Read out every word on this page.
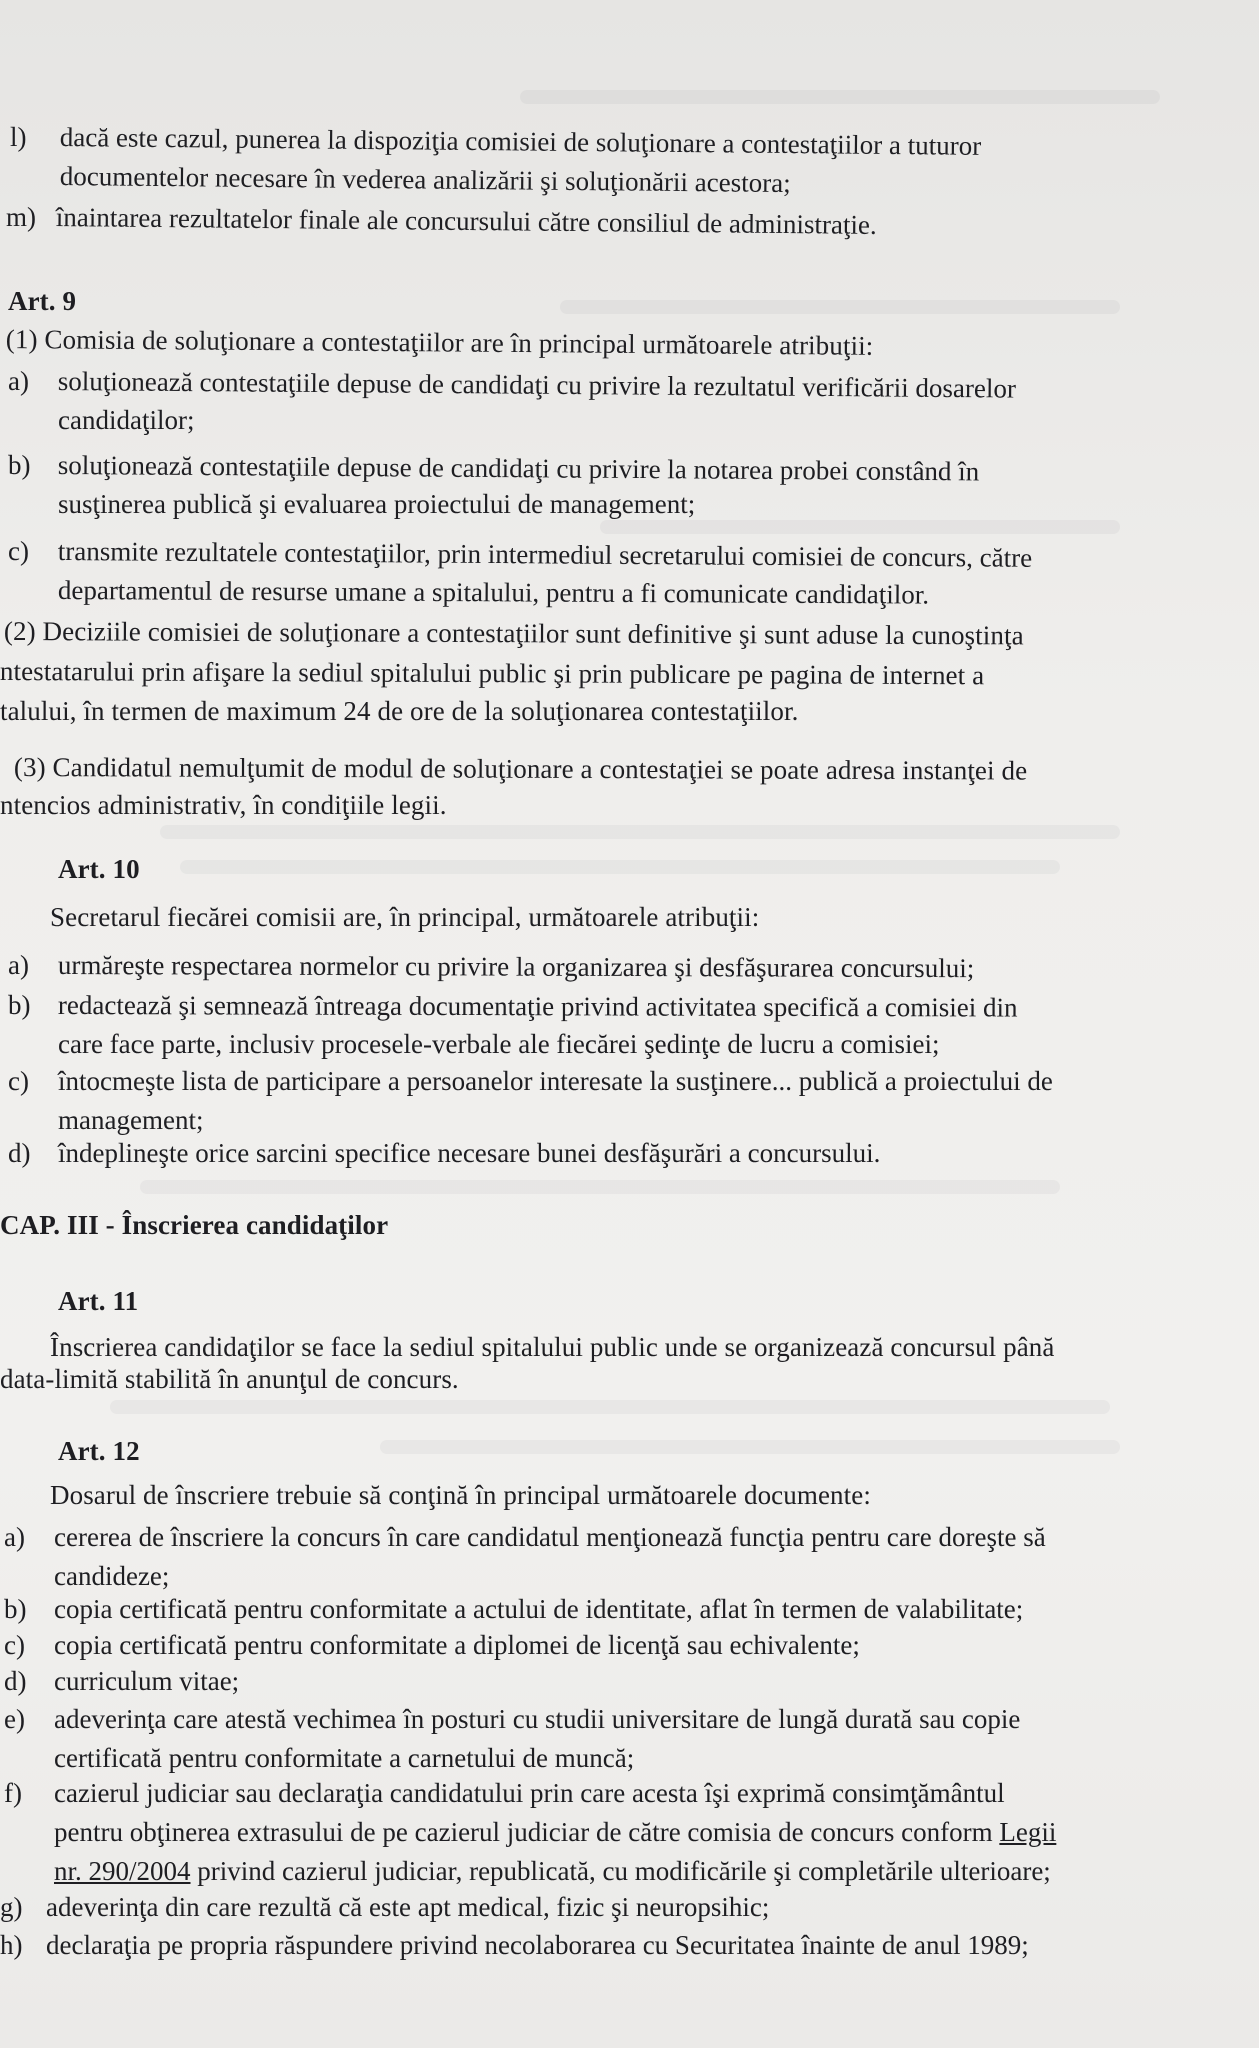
l) dacă este cazul, punerea la dispoziţia comisiei de soluţionare a contestaţiilor a tuturor
documentelor necesare în vederea analizării şi soluţionării acestora;
m) înaintarea rezultatelor finale ale concursului către consiliul de administraţie.
Art. 9
(1) Comisia de soluţionare a contestaţiilor are în principal următoarele atribuţii:
a) soluţionează contestaţiile depuse de candidaţi cu privire la rezultatul verificării dosarelor
candidaţilor;
b) soluţionează contestaţiile depuse de candidaţi cu privire la notarea probei constând în
susţinerea publică şi evaluarea proiectului de management;
c) transmite rezultatele contestaţiilor, prin intermediul secretarului comisiei de concurs, către
departamentul de resurse umane a spitalului, pentru a fi comunicate candidaţilor.
(2) Deciziile comisiei de soluţionare a contestaţiilor sunt definitive şi sunt aduse la cunoştinţa
ntestatarului prin afişare la sediul spitalului public şi prin publicare pe pagina de internet a
talului, în termen de maximum 24 de ore de la soluţionarea contestaţiilor.
(3) Candidatul nemulţumit de modul de soluţionare a contestaţiei se poate adresa instanţei de
ntencios administrativ, în condiţiile legii.
Art. 10
Secretarul fiecărei comisii are, în principal, următoarele atribuţii:
a) urmăreşte respectarea normelor cu privire la organizarea şi desfăşurarea concursului;
b) redactează şi semnează întreaga documentaţie privind activitatea specifică a comisiei din
care face parte, inclusiv procesele-verbale ale fiecărei şedinţe de lucru a comisiei;
c) întocmeşte lista de participare a persoanelor interesate la susţinere... publică a proiectului de
management;
d) îndeplineşte orice sarcini specifice necesare bunei desfăşurări a concursului.
CAP. III - Înscrierea candidaţilor
Art. 11
Înscrierea candidaţilor se face la sediul spitalului public unde se organizează concursul până
data-limită stabilită în anunţul de concurs.
Art. 12
Dosarul de înscriere trebuie să conţină în principal următoarele documente:
a) cererea de înscriere la concurs în care candidatul menţionează funcţia pentru care doreşte să
candideze;
b) copia certificată pentru conformitate a actului de identitate, aflat în termen de valabilitate;
c) copia certificată pentru conformitate a diplomei de licenţă sau echivalente;
d) curriculum vitae;
e) adeverinţa care atestă vechimea în posturi cu studii universitare de lungă durată sau copie
certificată pentru conformitate a carnetului de muncă;
f) cazierul judiciar sau declaraţia candidatului prin care acesta îşi exprimă consimţământul
pentru obţinerea extrasului de pe cazierul judiciar de către comisia de concurs conform Legii
nr. 290/2004 privind cazierul judiciar, republicată, cu modificările şi completările ulterioare;
g) adeverinţa din care rezultă că este apt medical, fizic şi neuropsihic;
h) declaraţia pe propria răspundere privind necolaborarea cu Securitatea înainte de anul 1989;
